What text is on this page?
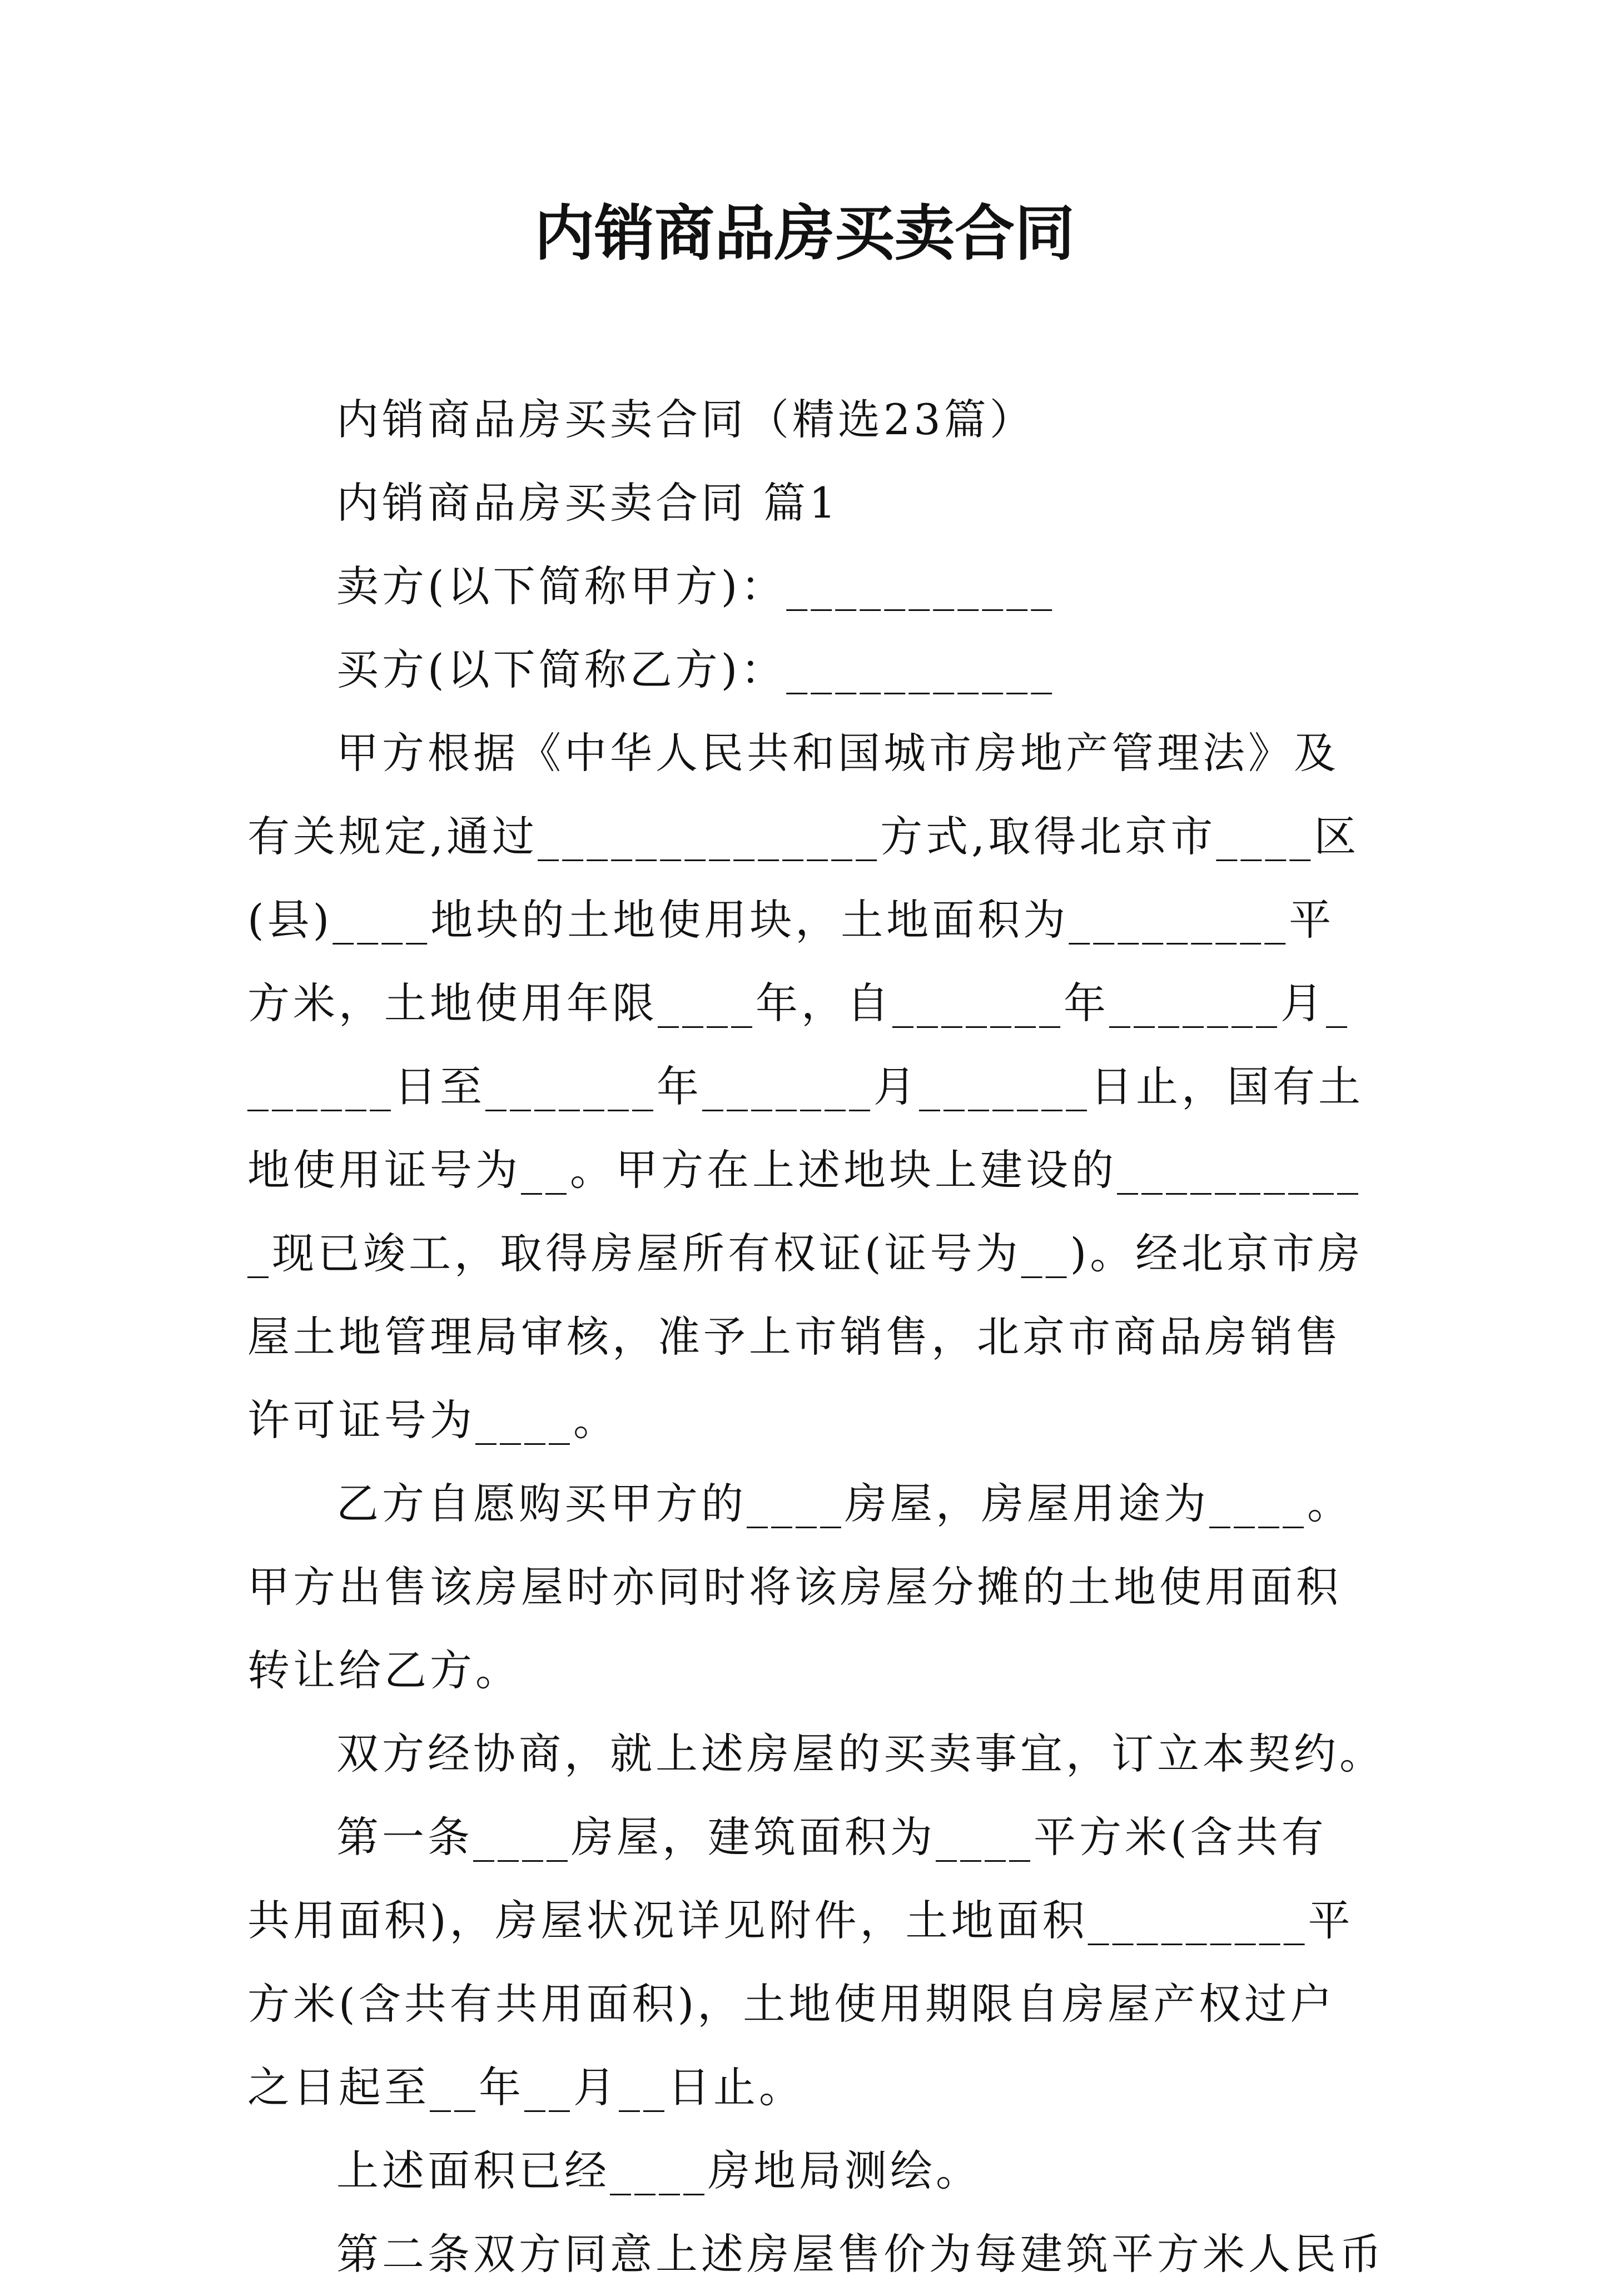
内销商品房买卖合同

内销商品房买卖合同（精选23篇）

内销商品房买卖合同 篇1

卖方(以下简称甲方)：___________

买方(以下简称乙方)：___________

甲方根据《中华人民共和国城市房地产管理法》及有关规定,通过______________方式,取得北京市____区(县)____地块的土地使用块，土地面积为_________平方米，土地使用年限____年，自_______年_______月_______日至_______年_______月_______日止，国有土地使用证号为__。甲方在上述地块上建设的___________现已竣工，取得房屋所有权证(证号为__)。经北京市房屋土地管理局审核，准予上市销售，北京市商品房销售许可证号为____。

乙方自愿购买甲方的____房屋，房屋用途为____。甲方出售该房屋时亦同时将该房屋分摊的土地使用面积转让给乙方。

双方经协商，就上述房屋的买卖事宜，订立本契约。

第一条____房屋，建筑面积为____平方米(含共有共用面积)，房屋状况详见附件，土地面积_________平方米(含共有共用面积)，土地使用期限自房屋产权过户之日起至__年__月__日止。

上述面积已经____房地局测绘。

第二条双方同意上述房屋售价为每建筑平方米人民币
